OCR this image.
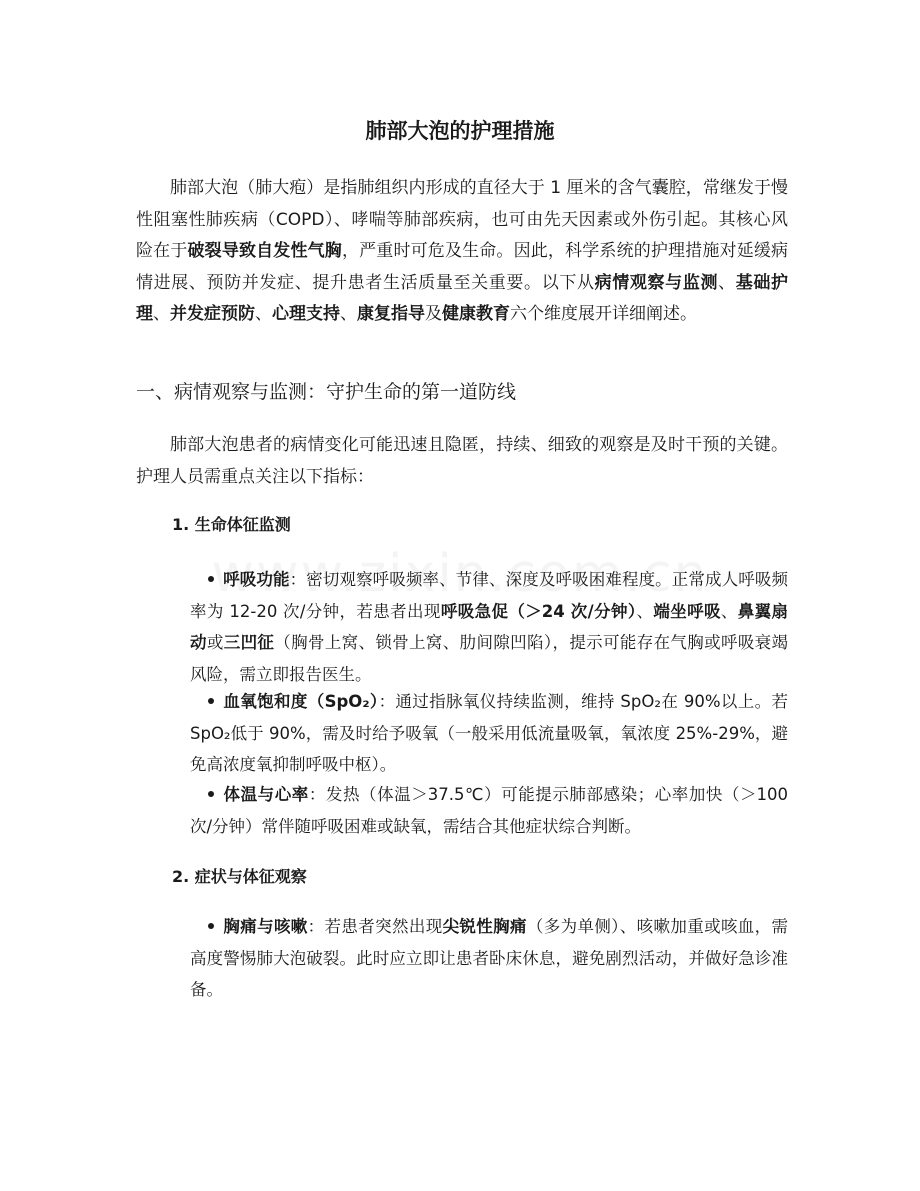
肺部大泡的护理措施

肺部大泡（肺大疱）是指肺组织内形成的直径大于 1 厘米的含气囊腔，常继发于慢性阻塞性肺疾病（COPD）、哮喘等肺部疾病，也可由先天因素或外伤引起。其核心风险在于破裂导致自发性气胸，严重时可危及生命。因此，科学系统的护理措施对延缓病情进展、预防并发症、提升患者生活质量至关重要。以下从病情观察与监测、基础护理、并发症预防、心理支持、康复指导及健康教育六个维度展开详细阐述。

一、病情观察与监测：守护生命的第一道防线

肺部大泡患者的病情变化可能迅速且隐匿，持续、细致的观察是及时干预的关键。护理人员需重点关注以下指标：

1. 生命体征监测

呼吸功能：密切观察呼吸频率、节律、深度及呼吸困难程度。正常成人呼吸频率为 12-20 次/分钟，若患者出现呼吸急促（＞24 次/分钟）、端坐呼吸、鼻翼扇动或三凹征（胸骨上窝、锁骨上窝、肋间隙凹陷），提示可能存在气胸或呼吸衰竭风险，需立即报告医生。

血氧饱和度（SpO₂）：通过指脉氧仪持续监测，维持 SpO₂在 90%以上。若 SpO₂低于 90%，需及时给予吸氧（一般采用低流量吸氧，氧浓度 25%-29%，避免高浓度氧抑制呼吸中枢）。

体温与心率：发热（体温＞37.5℃）可能提示肺部感染；心率加快（＞100 次/分钟）常伴随呼吸困难或缺氧，需结合其他症状综合判断。

2. 症状与体征观察

胸痛与咳嗽：若患者突然出现尖锐性胸痛（多为单侧）、咳嗽加重或咳血，需高度警惕肺大泡破裂。此时应立即让患者卧床休息，避免剧烈活动，并做好急诊准备。
